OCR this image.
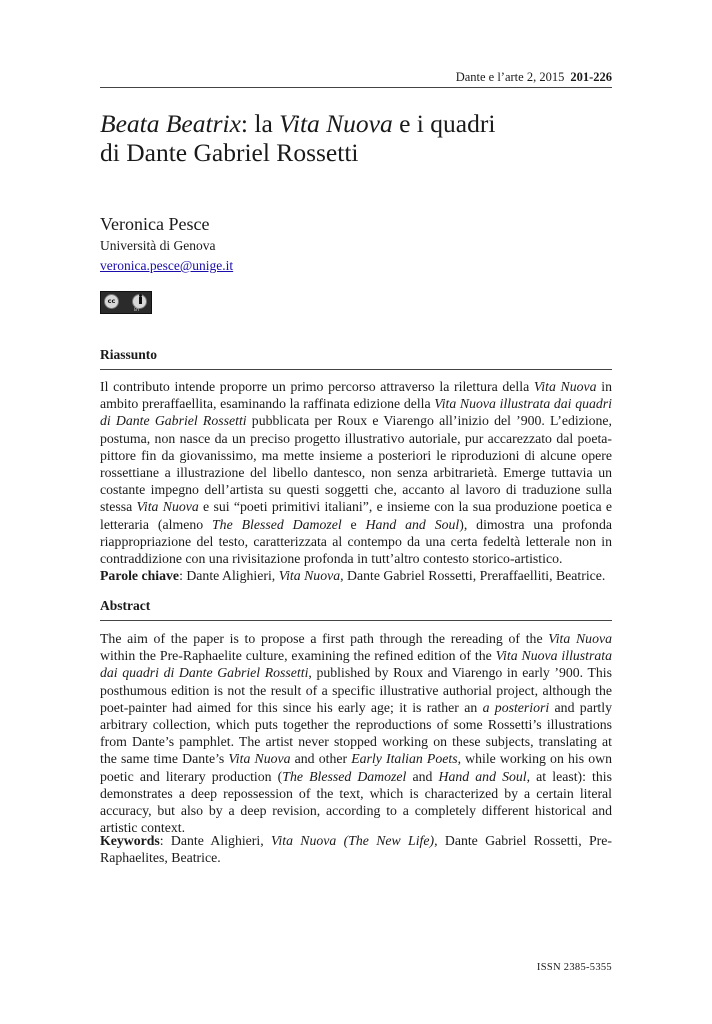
Dante e l’arte 2, 2015 201-226
Beata Beatrix: la Vita Nuova e i quadri
di Dante Gabriel Rossetti
Veronica Pesce
Università di Genova
veronica.pesce@unige.it
cc
BY
Riassunto
Il contributo intende proporre un primo percorso attraverso la rilettura della Vita Nuova in ambito preraffaellita, esaminando la raffinata edizione della Vita Nuova illustrata dai quadri di Dante Gabriel Rossetti pubblicata per Roux e Viarengo all’inizio del ’900. L’edizione, postuma, non nasce da un preciso progetto illustrativo autoriale, pur accarezzato dal poeta-pittore fin da giovanissimo, ma mette insieme a posteriori le riproduzioni di alcune opere rossettiane a illustrazione del libello dantesco, non senza arbitrarietà. Emerge tuttavia un costante impegno dell’artista su questi soggetti che, accanto al lavoro di traduzione sulla stessa Vita Nuova e sui “poeti primitivi italiani”, e insieme con la sua produzione poetica e letteraria (almeno The Blessed Damozel e Hand and Soul), dimostra una profonda riappropriazione del testo, caratterizzata al contempo da una certa fedeltà letterale non in contraddizione con una rivisitazione profonda in tutt’altro contesto storico-artistico.
Parole chiave: Dante Alighieri, Vita Nuova, Dante Gabriel Rossetti, Preraffaelliti, Beatrice.
Abstract
The aim of the paper is to propose a first path through the rereading of the Vita Nuova within the Pre-Raphaelite culture, examining the refined edition of the Vita Nuova illustrata dai quadri di Dante Gabriel Rossetti, published by Roux and Viarengo in early ’900. This posthumous edition is not the result of a specific illustrative authorial project, although the poet-painter had aimed for this since his early age; it is rather an a posteriori and partly arbitrary collection, which puts together the reproductions of some Rossetti’s illustrations from Dante’s pamphlet. The artist never stopped working on these subjects, translating at the same time Dante’s Vita Nuova and other Early Italian Poets, while working on his own poetic and literary production (The Blessed Damozel and Hand and Soul, at least): this demonstrates a deep repossession of the text, which is characterized by a certain literal accuracy, but also by a deep revision, according to a completely different historical and artistic context.
Keywords: Dante Alighieri, Vita Nuova (The New Life), Dante Gabriel Rossetti, Pre-Raphaelites, Beatrice.
ISSN 2385-5355
